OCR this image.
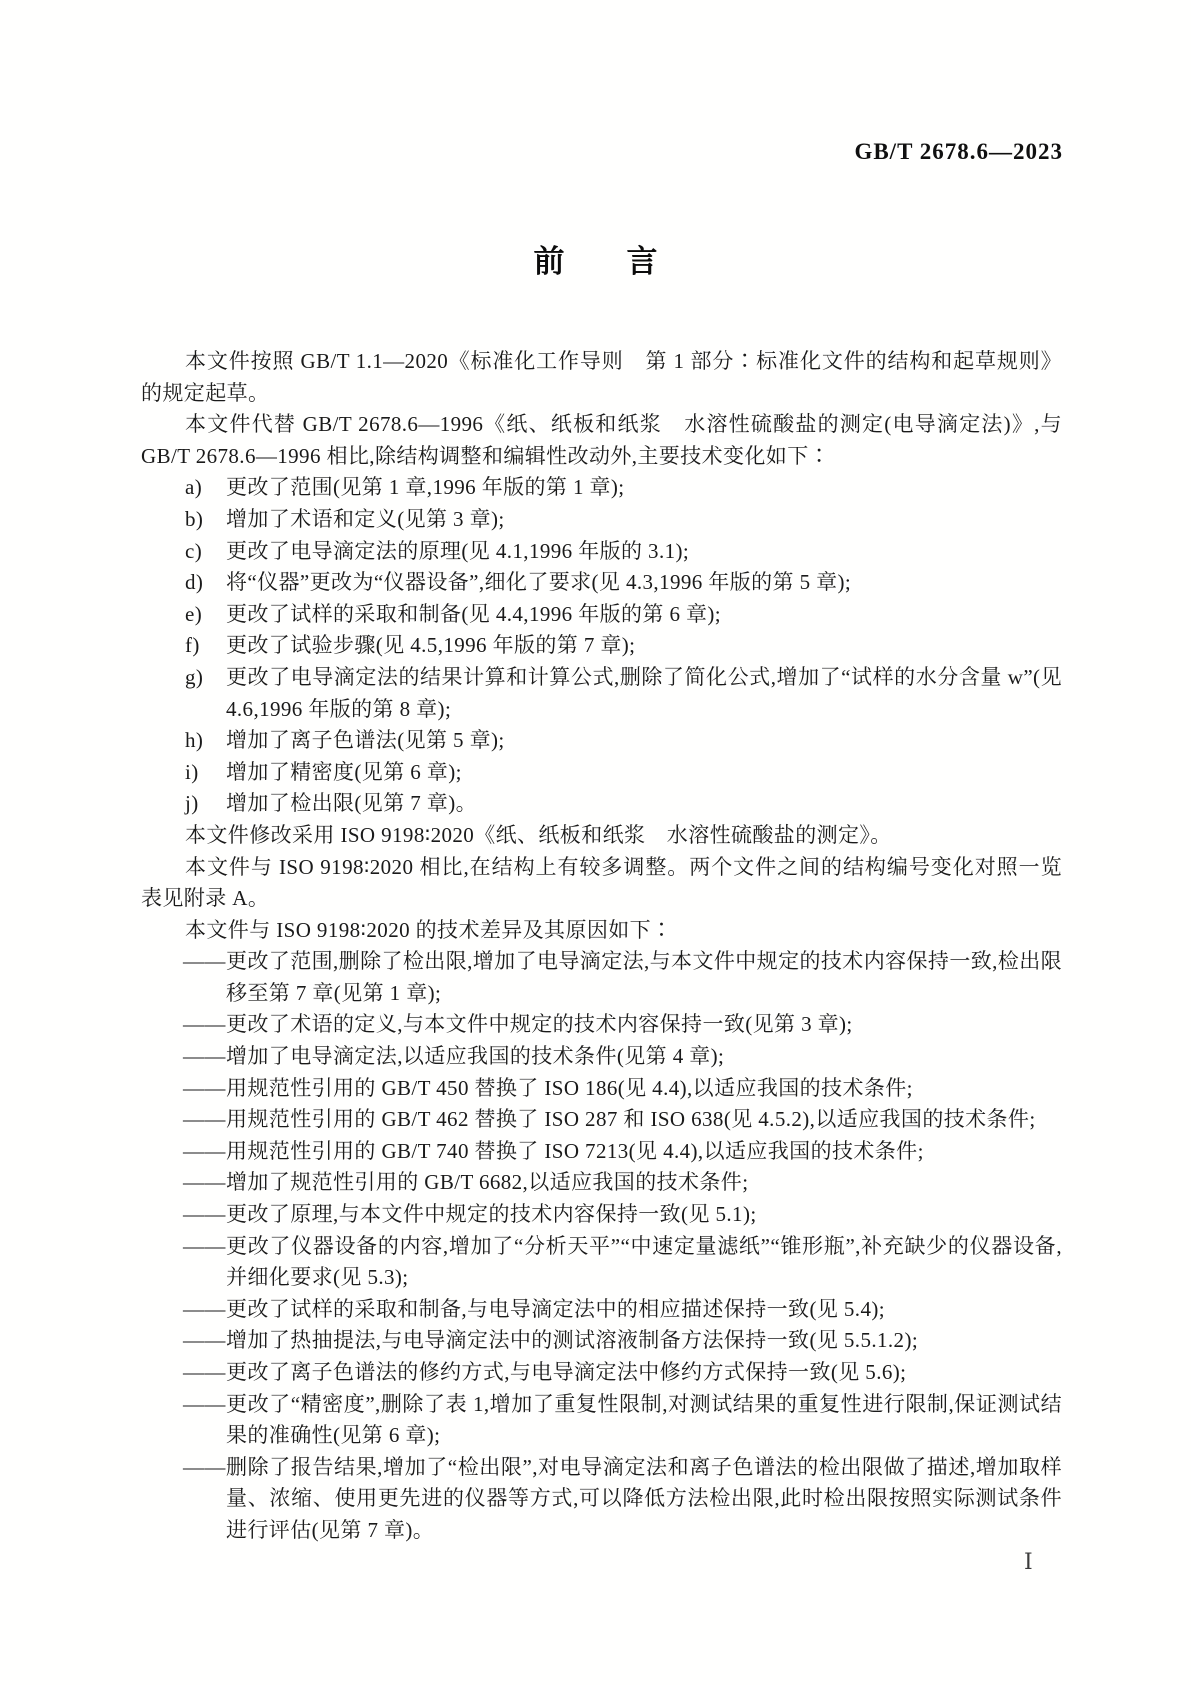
GB/T 2678.6—2023
前　　言

本文件按照 GB/T 1.1—2020《标准化工作导则　第 1 部分∶标准化文件的结构和起草规则》的规定起草。

本文件代替 GB/T 2678.6—1996《纸、纸板和纸浆　水溶性硫酸盐的测定(电导滴定法)》,与 GB/T 2678.6—1996 相比,除结构调整和编辑性改动外,主要技术变化如下∶

a) 更改了范围(见第 1 章,1996 年版的第 1 章);
b) 增加了术语和定义(见第 3 章);
c) 更改了电导滴定法的原理(见 4.1,1996 年版的 3.1);
d) 将“仪器”更改为“仪器设备”,细化了要求(见 4.3,1996 年版的第 5 章);
e) 更改了试样的采取和制备(见 4.4,1996 年版的第 6 章);
f) 更改了试验步骤(见 4.5,1996 年版的第 7 章);
g) 更改了电导滴定法的结果计算和计算公式,删除了简化公式,增加了“试样的水分含量 w”(见 4.6,1996 年版的第 8 章);
h) 增加了离子色谱法(见第 5 章);
i) 增加了精密度(见第 6 章);
j) 增加了检出限(见第 7 章)。

本文件修改采用 ISO 9198∶2020《纸、纸板和纸浆　水溶性硫酸盐的测定》。

本文件与 ISO 9198∶2020 相比,在结构上有较多调整。两个文件之间的结构编号变化对照一览表见附录 A。

本文件与 ISO 9198∶2020 的技术差异及其原因如下∶

—— 更改了范围,删除了检出限,增加了电导滴定法,与本文件中规定的技术内容保持一致,检出限移至第 7 章(见第 1 章);
—— 更改了术语的定义,与本文件中规定的技术内容保持一致(见第 3 章);
—— 增加了电导滴定法,以适应我国的技术条件(见第 4 章);
—— 用规范性引用的 GB/T 450 替换了 ISO 186(见 4.4),以适应我国的技术条件;
—— 用规范性引用的 GB/T 462 替换了 ISO 287 和 ISO 638(见 4.5.2),以适应我国的技术条件;
—— 用规范性引用的 GB/T 740 替换了 ISO 7213(见 4.4),以适应我国的技术条件;
—— 增加了规范性引用的 GB/T 6682,以适应我国的技术条件;
—— 更改了原理,与本文件中规定的技术内容保持一致(见 5.1);
—— 更改了仪器设备的内容,增加了“分析天平”“中速定量滤纸”“锥形瓶”,补充缺少的仪器设备,并细化要求(见 5.3);
—— 更改了试样的采取和制备,与电导滴定法中的相应描述保持一致(见 5.4);
—— 增加了热抽提法,与电导滴定法中的测试溶液制备方法保持一致(见 5.5.1.2);
—— 更改了离子色谱法的修约方式,与电导滴定法中修约方式保持一致(见 5.6);
—— 更改了“精密度”,删除了表 1,增加了重复性限制,对测试结果的重复性进行限制,保证测试结果的准确性(见第 6 章);
—— 删除了报告结果,增加了“检出限”,对电导滴定法和离子色谱法的检出限做了描述,增加取样量、浓缩、使用更先进的仪器等方式,可以降低方法检出限,此时检出限按照实际测试条件进行评估(见第 7 章)。
Ⅰ
